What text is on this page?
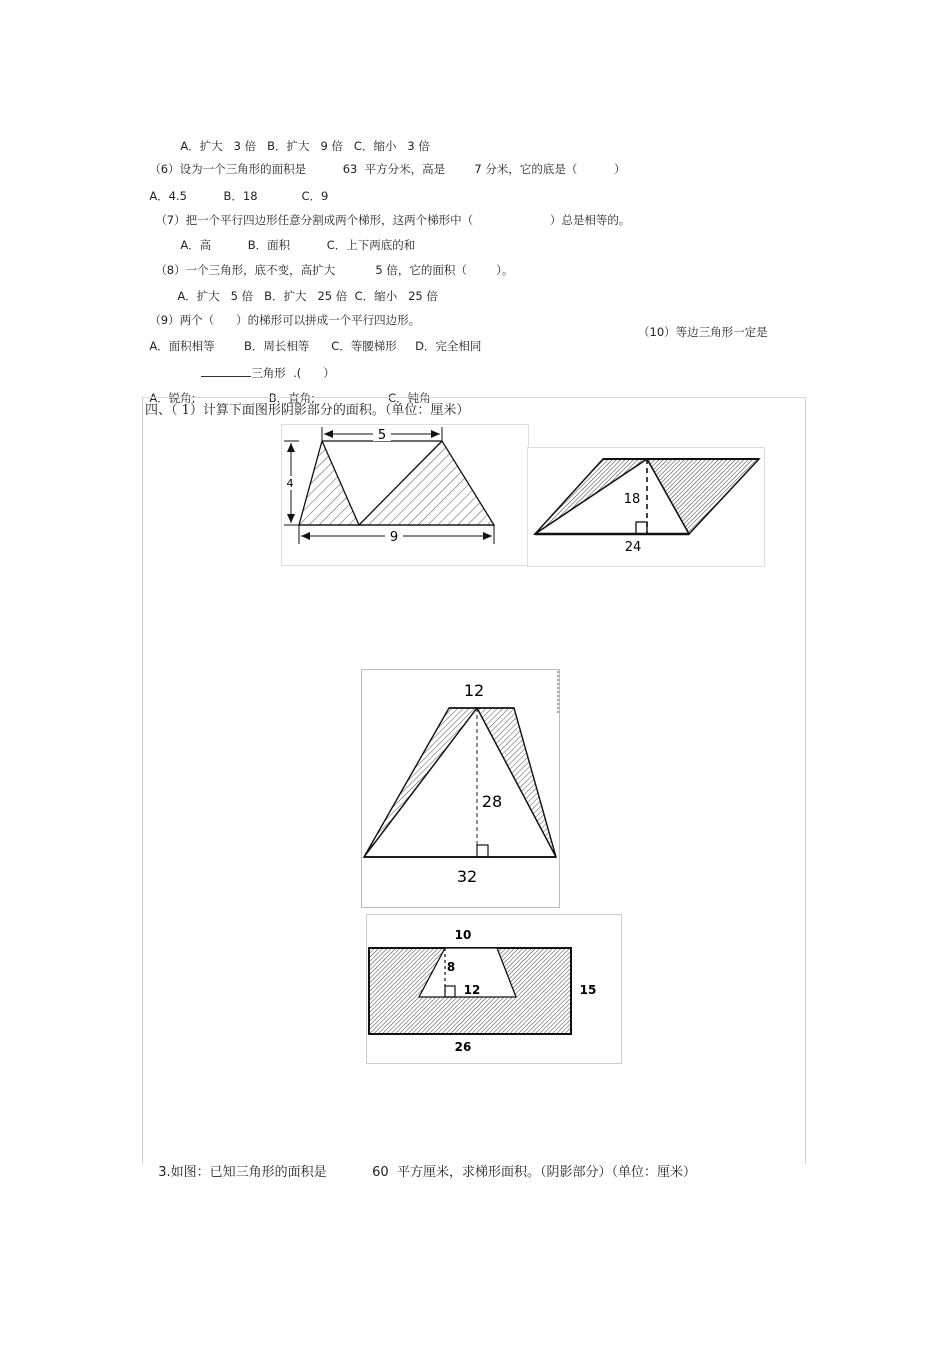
A．扩大 3 倍 B．扩大 9 倍 C．缩小 3 倍

（6）设为一个三角形的面积是	63 平方分米，高是	7 分米，它的底是（	）

A．4.5	B．18	C．9

（7）把一个平行四边形任意分割成两个梯形，这两个梯形中（	）总是相等的。

A．高	B．面积	C．上下两底的和

（8）一个三角形，底不变，高扩大	5 倍，它的面积（	）。

A．扩大 5 倍 B．扩大 25 倍 C．缩小 25 倍

（9）两个（ ）的梯形可以拼成一个平行四边形。

A．面积相等	B．周长相等 C．等腰梯形 D．完全相同

（10）等边三角形一定是

三角形 .( ）

A．锐角;	B．直角;	C．钝角

四、（ 1）计算下面图形阴影部分的面积。（单位：厘米）
5
4
9
18
24
12
28
32
10
8
12	15
26

3.如图：已知三角形的面积是	60 平方厘米，求梯形面积。（阴影部分）（单位：厘米）
